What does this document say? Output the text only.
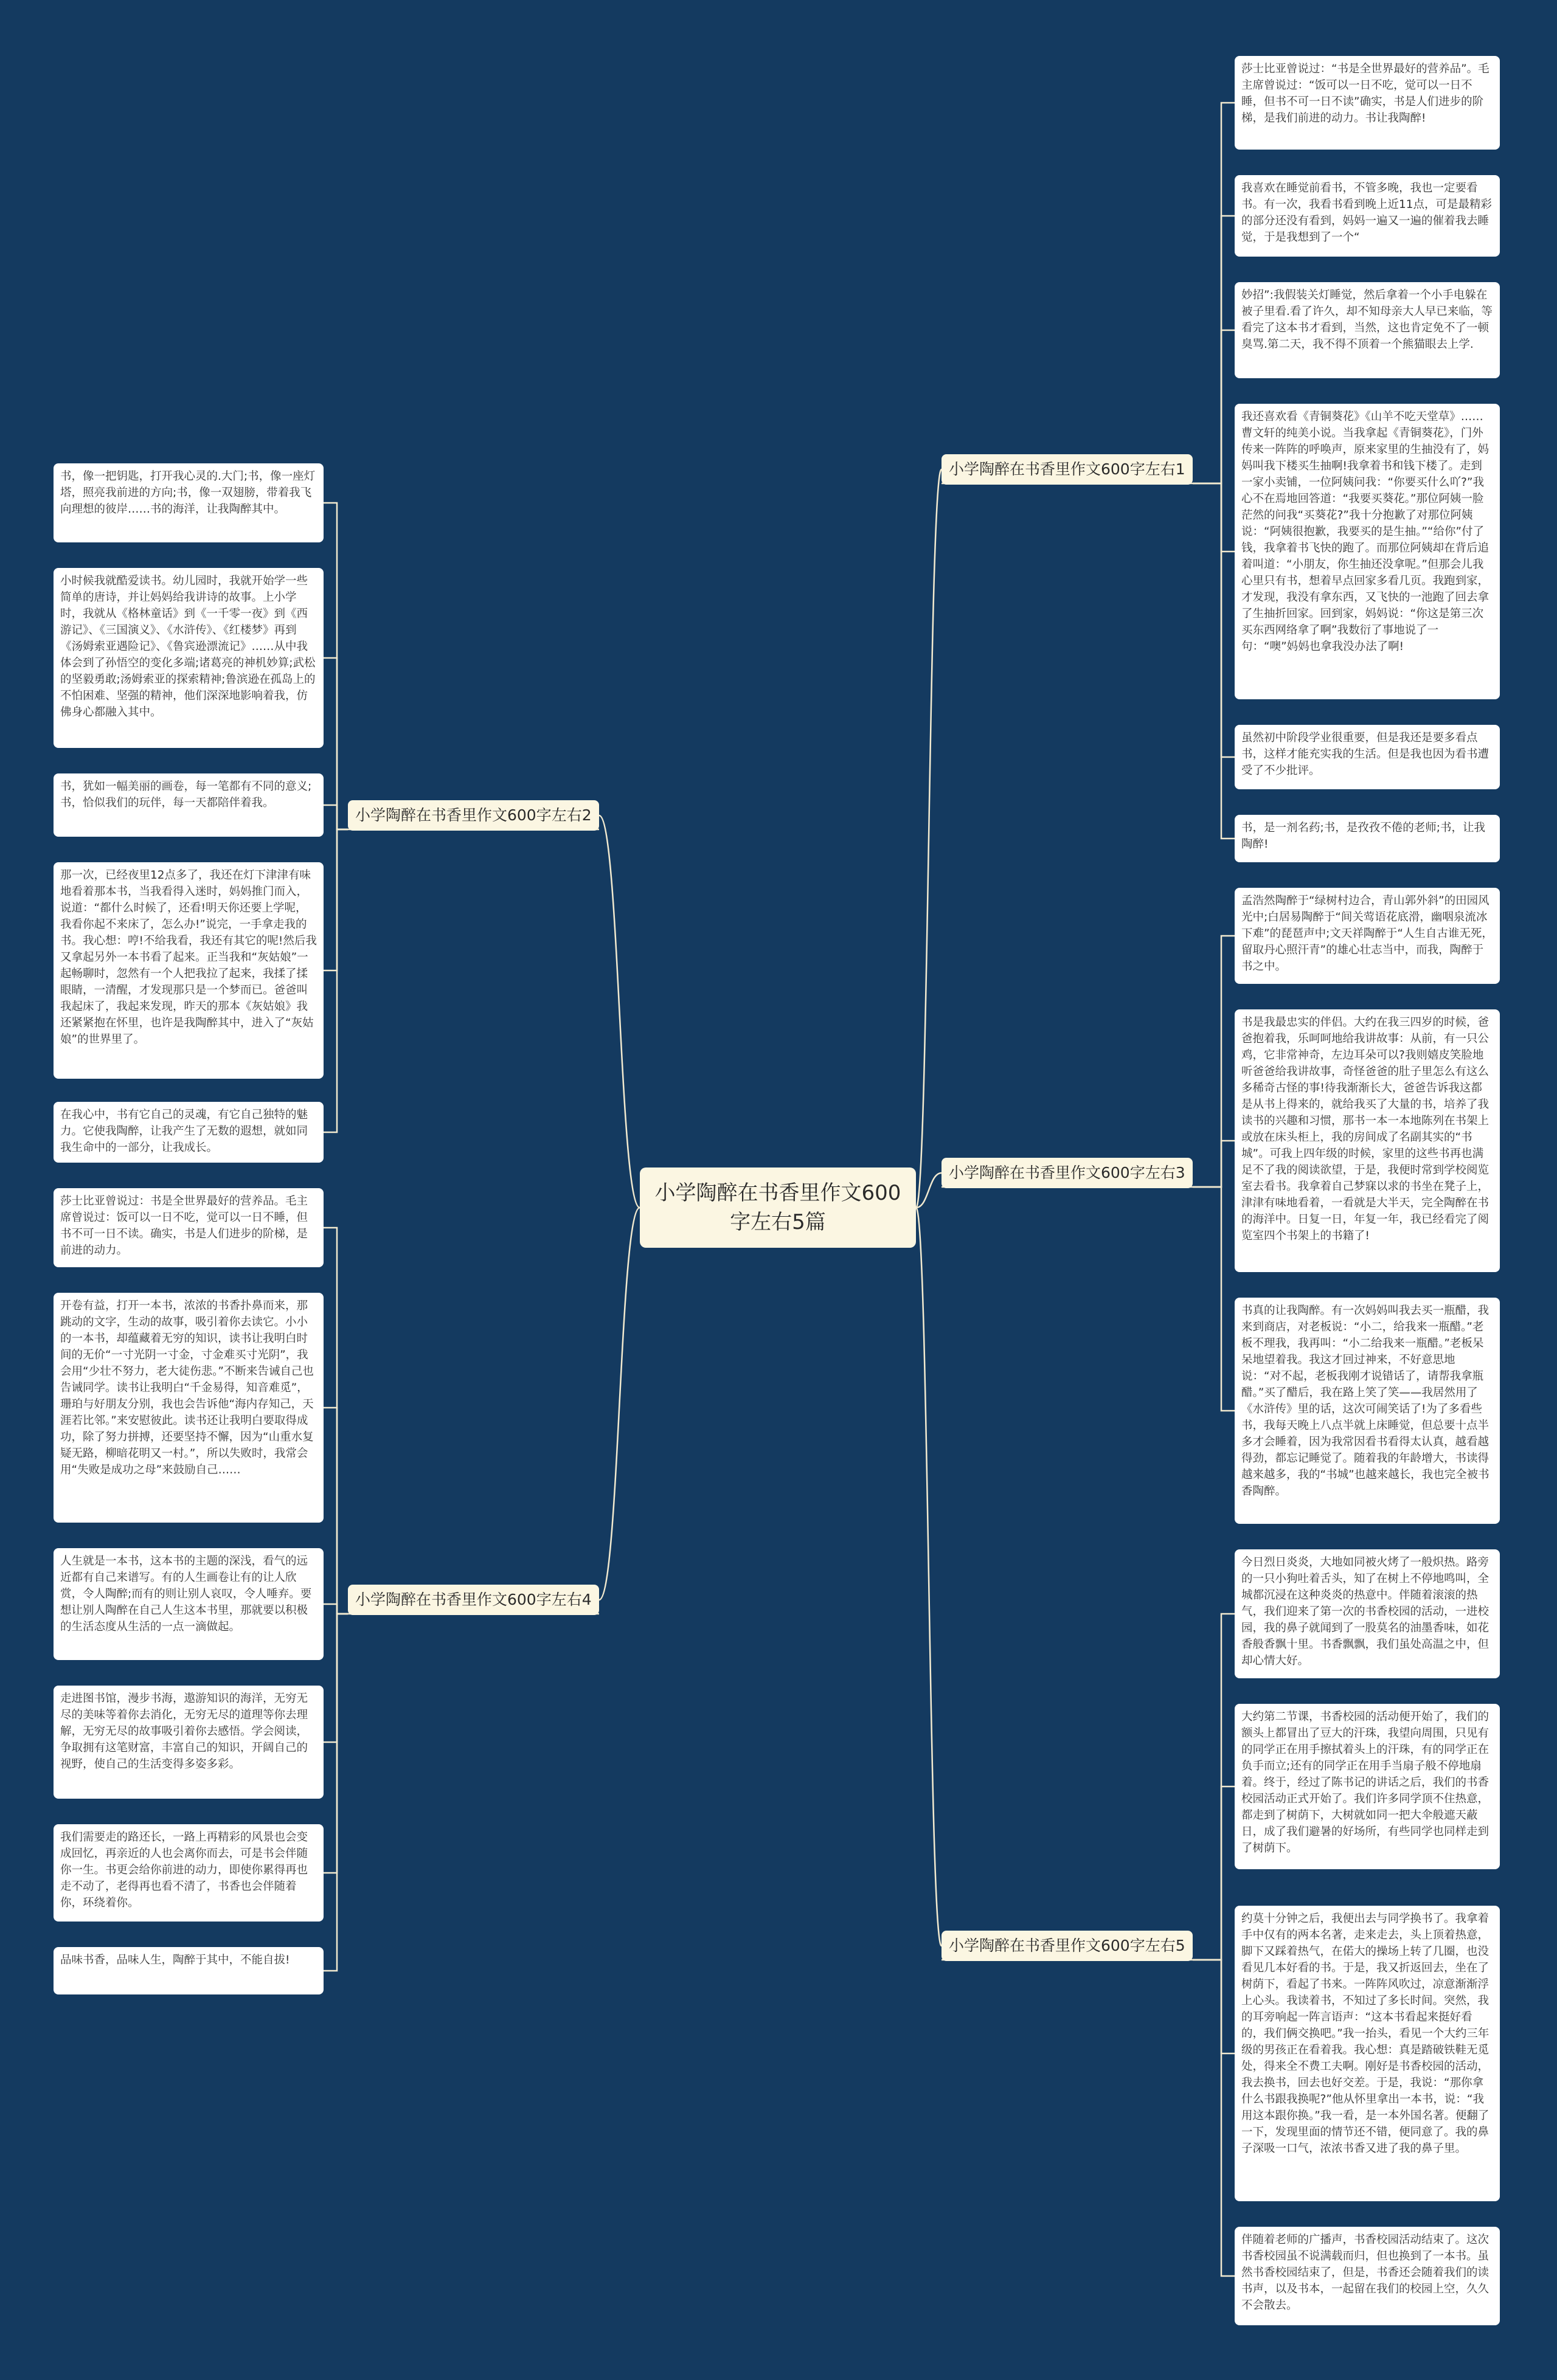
小学陶醉在书香里作文600字左右5篇
小学陶醉在书香里作文600字左右1
小学陶醉在书香里作文600字左右2
小学陶醉在书香里作文600字左右3
小学陶醉在书香里作文600字左右4
小学陶醉在书香里作文600字左右5
莎士比亚曾说过：“书是全世界最好的营养品”。毛主席曾说过：“饭可以一日不吃，觉可以一日不睡，但书不可一日不读”确实，书是人们进步的阶梯，是我们前进的动力。书让我陶醉!
我喜欢在睡觉前看书，不管多晚，我也一定要看书。有一次，我看书看到晚上近11点，可是最精彩的部分还没有看到，妈妈一遍又一遍的催着我去睡觉，于是我想到了一个“
妙招”:我假装关灯睡觉，然后拿着一个小手电躲在被子里看.看了许久，却不知母亲大人早已来临，等看完了这本书才看到，当然，这也肯定免不了一顿臭骂.第二天，我不得不顶着一个熊猫眼去上学.
我还喜欢看《青铜葵花》《山羊不吃天堂草》……曹文轩的纯美小说。当我拿起《青铜葵花》，门外传来一阵阵的呼唤声，原来家里的生抽没有了，妈妈叫我下楼买生抽啊!我拿着书和钱下楼了。走到一家小卖铺，一位阿姨问我：“你要买什么吖?”我心不在焉地回答道：“我要买葵花。”那位阿姨一脸茫然的问我“买葵花?”我十分抱歉了对那位阿姨说：“阿姨很抱歉，我要买的是生抽。”“给你”付了钱，我拿着书飞快的跑了。而那位阿姨却在背后追着叫道：“小朋友，你生抽还没拿呢。”但那会儿我心里只有书，想着早点回家多看几页。我跑到家，才发现，我没有拿东西，又飞快的一池跑了回去拿了生抽折回家。回到家，妈妈说：“你这是第三次买东西网络拿了啊”我数衍了事地说了一句：“噢”妈妈也拿我没办法了啊!
虽然初中阶段学业很重要，但是我还是要多看点书，这样才能充实我的生活。但是我也因为看书遭受了不少批评。
书，是一剂名药;书，是孜孜不倦的老师;书，让我陶醉!
书，像一把钥匙，打开我心灵的.大门;书，像一座灯塔，照亮我前进的方向;书，像一双翅膀，带着我飞向理想的彼岸……书的海洋，让我陶醉其中。
小时候我就酷爱读书。幼儿园时，我就开始学一些简单的唐诗，并让妈妈给我讲诗的故事。上小学时，我就从《格林童话》到《一千零一夜》到《西游记》、《三国演义》、《水浒传》、《红楼梦》再到《汤姆索亚遇险记》、《鲁宾逊漂流记》……从中我体会到了孙悟空的变化多端;诸葛亮的神机妙算;武松的坚毅勇敢;汤姆索亚的探索精神;鲁滨逊在孤岛上的不怕困难、坚强的精神，他们深深地影响着我，仿佛身心都融入其中。
书，犹如一幅美丽的画卷，每一笔都有不同的意义;书，恰似我们的玩伴，每一天都陪伴着我。
那一次，已经夜里12点多了，我还在灯下津津有味地看着那本书，当我看得入迷时，妈妈推门而入，说道：“都什么时候了，还看!明天你还要上学呢，我看你起不来床了，怎么办!”说完，一手拿走我的书。我心想：哼!不给我看，我还有其它的呢!然后我又拿起另外一本书看了起来。正当我和“灰姑娘”一起畅聊时，忽然有一个人把我拉了起来，我揉了揉眼睛，一清醒，才发现那只是一个梦而已。爸爸叫我起床了，我起来发现，昨天的那本《灰姑娘》我还紧紧抱在怀里，也许是我陶醉其中，进入了“灰姑娘”的世界里了。
在我心中，书有它自己的灵魂，有它自己独特的魅力。它使我陶醉，让我产生了无数的遐想，就如同我生命中的一部分，让我成长。
孟浩然陶醉于“绿树村边合，青山郭外斜”的田园风光中;白居易陶醉于“间关莺语花底滑，幽咽泉流冰下难”的琵琶声中;文天祥陶醉于“人生自古谁无死，留取丹心照汗青”的雄心壮志当中，而我，陶醉于书之中。
书是我最忠实的伴侣。大约在我三四岁的时候，爸爸抱着我，乐呵呵地给我讲故事：从前，有一只公鸡，它非常神奇，左边耳朵可以?我则嬉皮笑脸地听爸爸给我讲故事，奇怪爸爸的肚子里怎么有这么多稀奇古怪的事!待我渐渐长大，爸爸告诉我这都是从书上得来的，就给我买了大量的书，培养了我读书的兴趣和习惯，那书一本一本地陈列在书架上或放在床头柜上，我的房间成了名副其实的“书城”。可我上四年级的时候，家里的这些书再也满足不了我的阅读欲望，于是，我便时常到学校阅览室去看书。我拿着自己梦寐以求的书坐在凳子上，津津有味地看着，一看就是大半天，完全陶醉在书的海洋中。日复一日，年复一年，我已经看完了阅览室四个书架上的书籍了!
书真的让我陶醉。有一次妈妈叫我去买一瓶醋，我来到商店，对老板说：“小二，给我来一瓶醋。”老板不理我，我再叫：“小二给我来一瓶醋。”老板呆呆地望着我。我这才回过神来，不好意思地说：“对不起，老板我刚才说错话了，请帮我拿瓶醋。”买了醋后，我在路上笑了笑——我居然用了《水浒传》里的话，这次可闹笑话了!为了多看些书，我每天晚上八点半就上床睡觉，但总要十点半多才会睡着，因为我常因看书看得太认真，越看越得劲，都忘记睡觉了。随着我的年龄增大，书读得越来越多，我的“书城”也越来越长，我也完全被书香陶醉。
莎士比亚曾说过：书是全世界最好的营养品。毛主席曾说过：饭可以一日不吃，觉可以一日不睡，但书不可一日不读。确实，书是人们进步的阶梯，是前进的动力。
开卷有益，打开一本书，浓浓的书香扑鼻而来，那跳动的文字，生动的故事，吸引着你去读它。小小的一本书，却蕴藏着无穷的知识，读书让我明白时间的无价“一寸光阴一寸金，寸金难买寸光阴”，我会用“少壮不努力，老大徒伤悲。”不断来告诫自己也告诫同学。读书让我明白“千金易得，知音难觅”，珊珀与好朋友分别，我也会告诉他“海内存知己，天涯若比邻。”来安慰彼此。读书还让我明白要取得成功，除了努力拼搏，还要坚持不懈，因为“山重水复疑无路，柳暗花明又一村。”，所以失败时，我常会用“失败是成功之母”来鼓励自己……
人生就是一本书，这本书的主题的深浅，看气的远近都有自己来谱写。有的人生画卷让有的让人欣赏，令人陶醉;而有的则让别人哀叹，令人唾弃。要想让别人陶醉在自己人生这本书里，那就要以积极的生活态度从生活的一点一滴做起。
走进图书馆，漫步书海，遨游知识的海洋，无穷无尽的美味等着你去消化，无穷无尽的道理等你去理解，无穷无尽的故事吸引着你去感悟。学会阅读，争取拥有这笔财富，丰富自己的知识，开阔自己的视野，使自己的生活变得多姿多彩。
我们需要走的路还长，一路上再精彩的风景也会变成回忆，再亲近的人也会离你而去，可是书会伴随你一生。书更会给你前进的动力，即使你累得再也走不动了，老得再也看不清了，书香也会伴随着你，环绕着你。
品味书香，品味人生，陶醉于其中，不能自拔!
今日烈日炎炎，大地如同被火烤了一般炽热。路旁的一只小狗吐着舌头，知了在树上不停地鸣叫，全城都沉浸在这种炎炎的热意中。伴随着滚滚的热气，我们迎来了第一次的书香校园的活动，一进校园，我的鼻子就闻到了一股莫名的油墨香味，如花香般香飘十里。书香飘飘，我们虽处高温之中，但却心情大好。
大约第二节课，书香校园的活动便开始了，我们的额头上都冒出了豆大的汗珠，我望向周围，只见有的同学正在用手擦拭着头上的汗珠，有的同学正在负手而立;还有的同学正在用手当扇子般不停地扇着。终于，经过了陈书记的讲话之后，我们的书香校园活动正式开始了。我们许多同学顶不住热意，都走到了树荫下，大树就如同一把大伞般遮天蔽日，成了我们避暑的好场所，有些同学也同样走到了树荫下。
约莫十分钟之后，我便出去与同学换书了。我拿着手中仅有的两本名著，走来走去，头上顶着热意，脚下又踩着热气，在偌大的操场上转了几圈，也没看见几本好看的书。于是，我又折返回去，坐在了树荫下，看起了书来。一阵阵风吹过，凉意渐渐浮上心头。我读着书，不知过了多长时间。突然，我的耳旁响起一阵言语声：“这本书看起来挺好看的，我们俩交换吧。”我一抬头，看见一个大约三年级的男孩正在看着我。我心想：真是踏破铁鞋无觅处，得来全不费工夫啊。刚好是书香校园的活动，我去换书，回去也好交差。于是，我说：“那你拿什么书跟我换呢?”他从怀里拿出一本书，说：“我用这本跟你换。”我一看，是一本外国名著。便翻了一下，发现里面的情节还不错，便同意了。我的鼻子深吸一口气，浓浓书香又进了我的鼻子里。
伴随着老师的广播声，书香校园活动结束了。这次书香校园虽不说满载而归，但也换到了一本书。虽然书香校园结束了，但是，书香还会随着我们的读书声，以及书本，一起留在我们的校园上空，久久不会散去。
